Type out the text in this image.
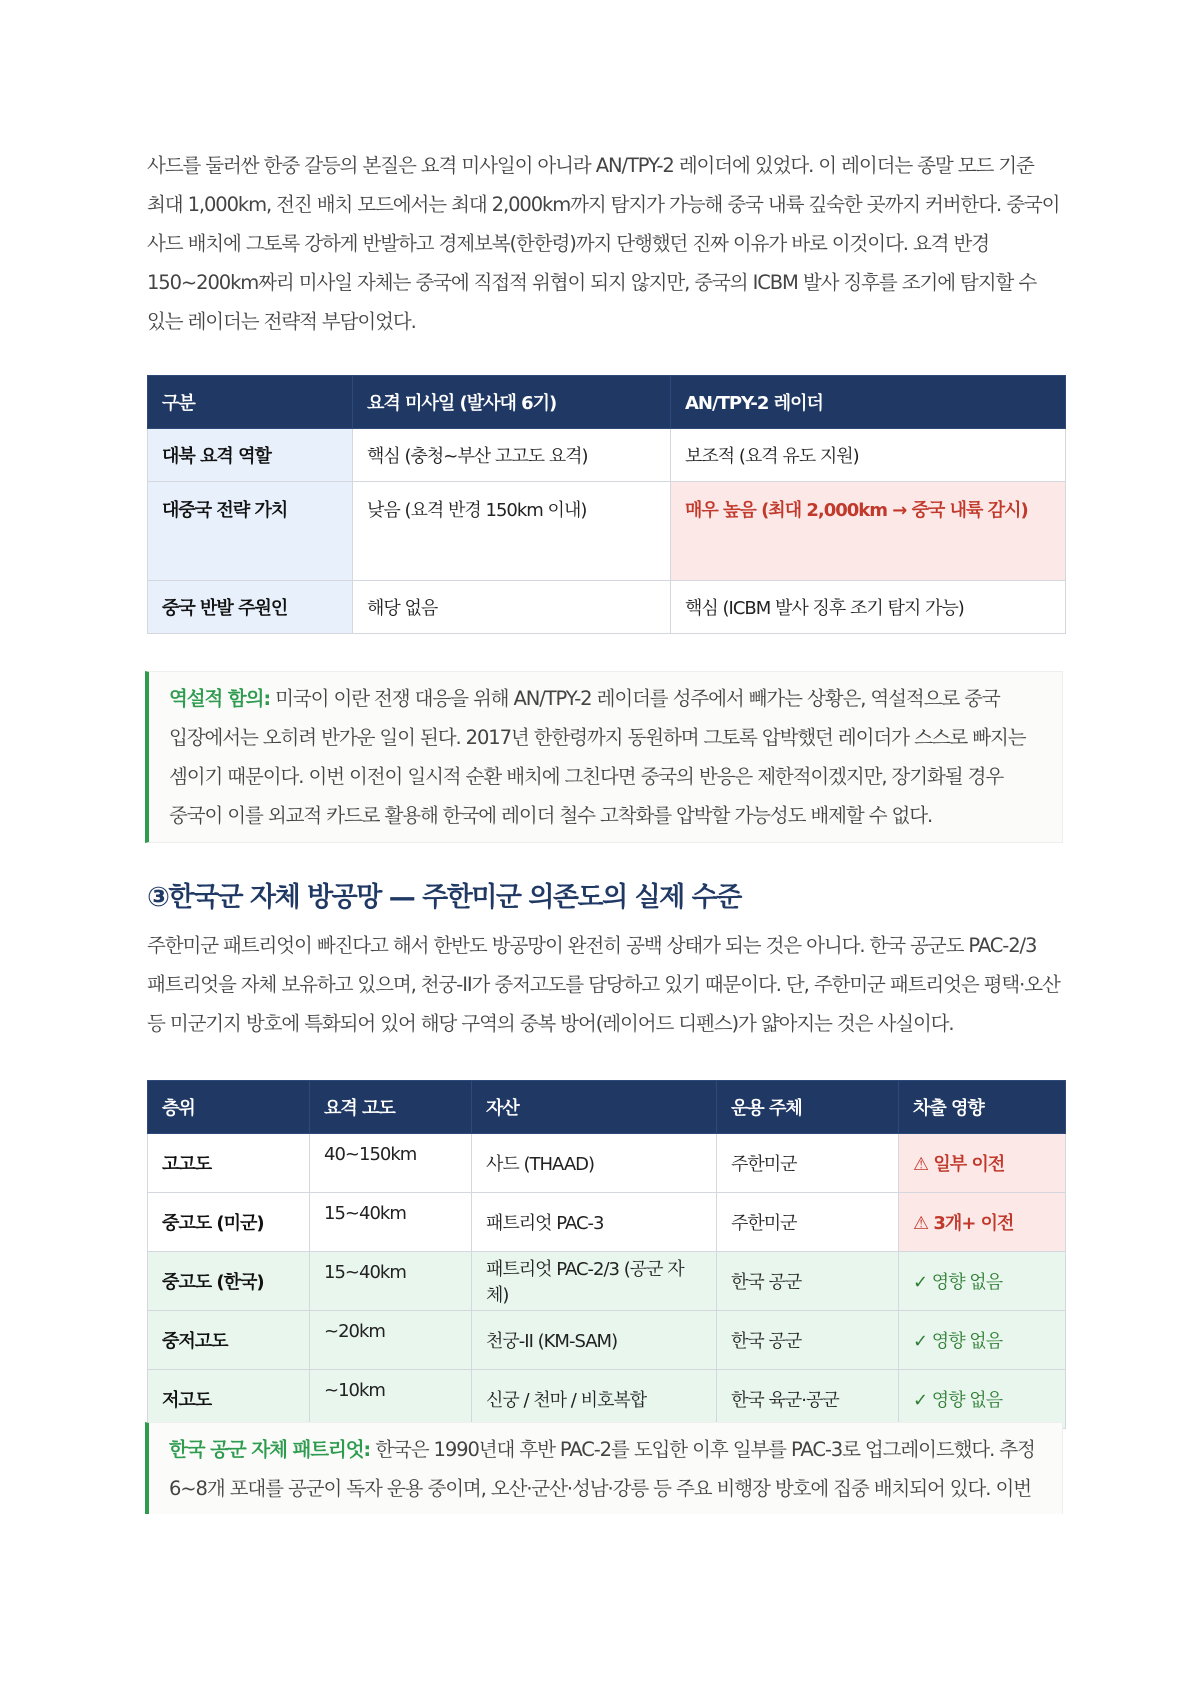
사드를 둘러싼 한중 갈등의 본질은 요격 미사일이 아니라 AN/TPY-2 레이더에 있었다. 이 레이더는 종말 모드 기준 최대 1,000km, 전진 배치 모드에서는 최대 2,000km까지 탐지가 가능해 중국 내륙 깊숙한 곳까지 커버한다. 중국이 사드 배치에 그토록 강하게 반발하고 경제보복(한한령)까지 단행했던 진짜 이유가 바로 이것이다. 요격 반경 150~200km짜리 미사일 자체는 중국에 직접적 위협이 되지 않지만, 중국의 ICBM 발사 징후를 조기에 탐지할 수 있는 레이더는 전략적 부담이었다.

구분	요격 미사일 (발사대 6기)	AN/TPY-2 레이더
대북 요격 역할	핵심 (충청~부산 고고도 요격)	보조적 (요격 유도 지원)
대중국 전략 가치	낮음 (요격 반경 150km 이내)	매우 높음 (최대 2,000km → 중국 내륙 감시)
중국 반발 주원인	해당 없음	핵심 (ICBM 발사 징후 조기 탐지 가능)

역설적 함의: 미국이 이란 전쟁 대응을 위해 AN/TPY-2 레이더를 성주에서 빼가는 상황은, 역설적으로 중국 입장에서는 오히려 반가운 일이 된다. 2017년 한한령까지 동원하며 그토록 압박했던 레이더가 스스로 빠지는 셈이기 때문이다. 이번 이전이 일시적 순환 배치에 그친다면 중국의 반응은 제한적이겠지만, 장기화될 경우 중국이 이를 외교적 카드로 활용해 한국에 레이더 철수 고착화를 압박할 가능성도 배제할 수 없다.

③한국군 자체 방공망 — 주한미군 의존도의 실제 수준

주한미군 패트리엇이 빠진다고 해서 한반도 방공망이 완전히 공백 상태가 되는 것은 아니다. 한국 공군도 PAC-2/3 패트리엇을 자체 보유하고 있으며, 천궁-II가 중저고도를 담당하고 있기 때문이다. 단, 주한미군 패트리엇은 평택·오산 등 미군기지 방호에 특화되어 있어 해당 구역의 중복 방어(레이어드 디펜스)가 얇아지는 것은 사실이다.

층위	요격 고도	자산	운용 주체	차출 영향
고고도	40~150km	사드 (THAAD)	주한미군	⚠ 일부 이전
중고도 (미군)	15~40km	패트리엇 PAC-3	주한미군	⚠ 3개+ 이전
중고도 (한국)	15~40km	패트리엇 PAC-2/3 (공군 자체)	한국 공군	✓ 영향 없음
중저고도	~20km	천궁-II (KM-SAM)	한국 공군	✓ 영향 없음
저고도	~10km	신궁 / 천마 / 비호복합	한국 육군·공군	✓ 영향 없음

한국 공군 자체 패트리엇: 한국은 1990년대 후반 PAC-2를 도입한 이후 일부를 PAC-3로 업그레이드했다. 추정 6~8개 포대를 공군이 독자 운용 중이며, 오산·군산·성남·강릉 등 주요 비행장 방호에 집중 배치되어 있다. 이번
